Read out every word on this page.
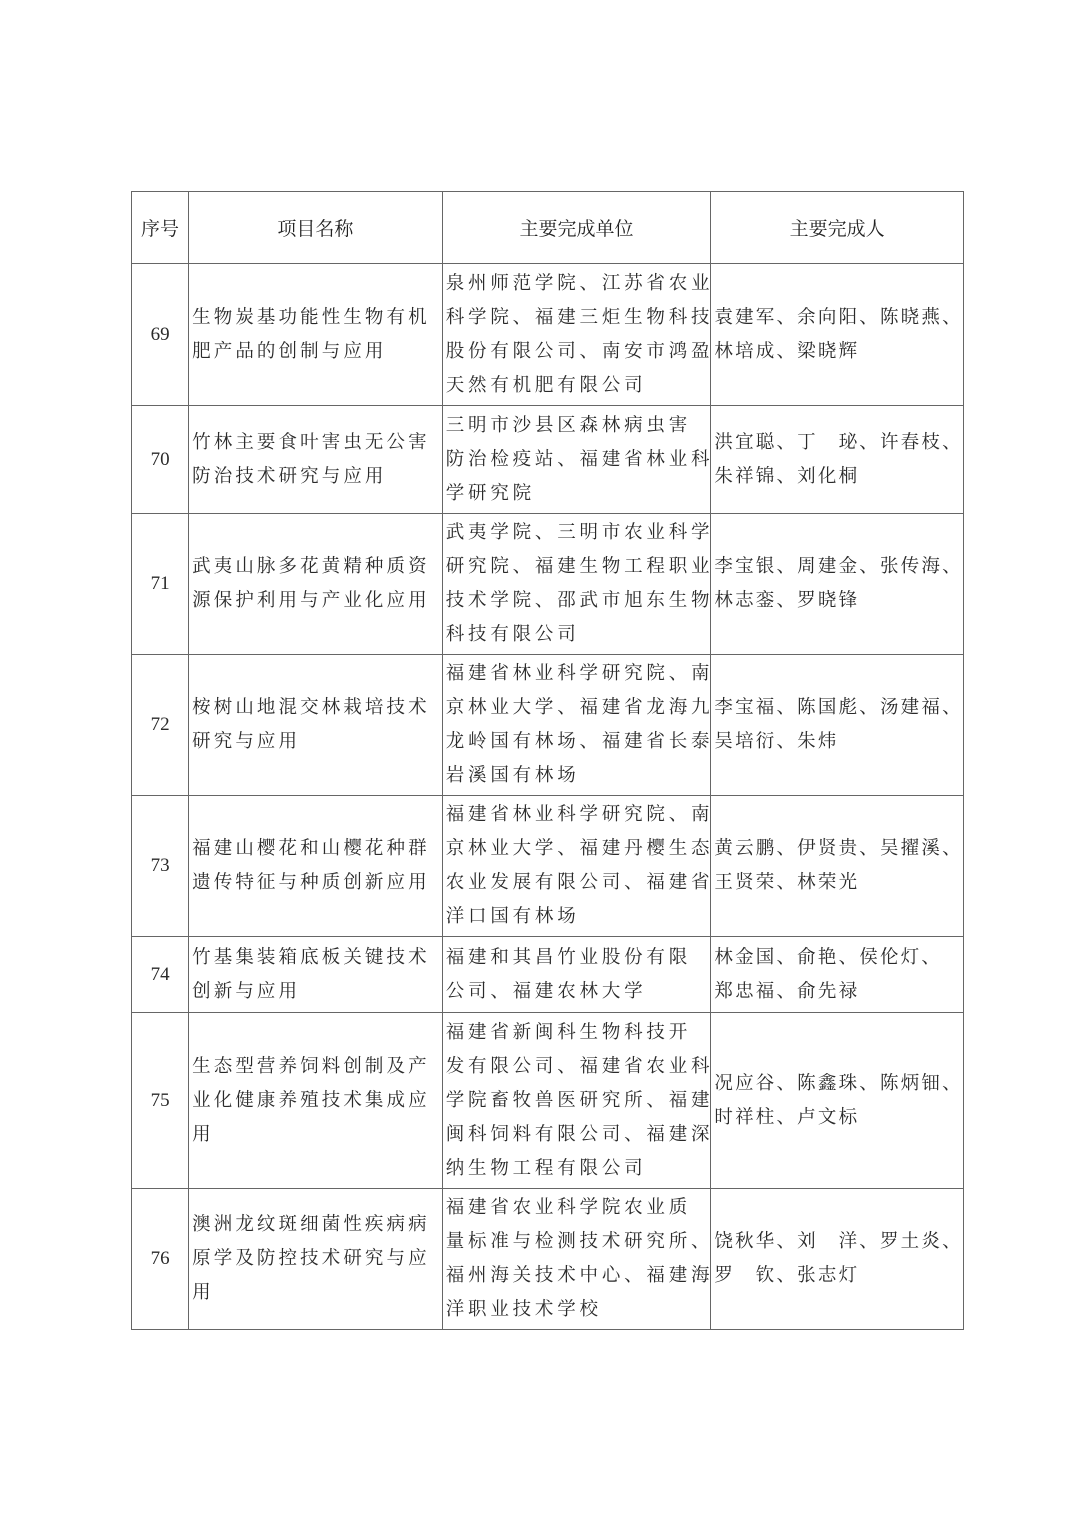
序号	项目名称	主要完成单位	主要完成人
69	生物炭基功能性生物有机
肥产品的创制与应用	泉州师范学院、江苏省农业
科学院、福建三炬生物科技
股份有限公司、南安市鸿盈
天然有机肥有限公司	袁建军、余向阳、陈晓燕、
林培成、梁晓辉

70	竹林主要食叶害虫无公害
防治技术研究与应用	三明市沙县区森林病虫害
防治检疫站、福建省林业科
学研究院	洪宜聪、丁　珌、许春枝、
朱祥锦、刘化桐

71	武夷山脉多花黄精种质资
源保护利用与产业化应用	武夷学院、三明市农业科学
研究院、福建生物工程职业
技术学院、邵武市旭东生物
科技有限公司	李宝银、周建金、张传海、
林志銮、罗晓锋

72	桉树山地混交林栽培技术
研究与应用	福建省林业科学研究院、南
京林业大学、福建省龙海九
龙岭国有林场、福建省长泰
岩溪国有林场	李宝福、陈国彪、汤建福、
吴培衍、朱炜

73	福建山樱花和山樱花种群
遗传特征与种质创新应用	福建省林业科学研究院、南
京林业大学、福建丹樱生态
农业发展有限公司、福建省
洋口国有林场	黄云鹏、伊贤贵、吴擢溪、
王贤荣、林荣光

74	竹基集装箱底板关键技术
创新与应用	福建和其昌竹业股份有限
公司、福建农林大学	林金国、俞艳、侯伦灯、
郑忠福、俞先禄

75	生态型营养饲料创制及产
业化健康养殖技术集成应
用	福建省新闽科生物科技开
发有限公司、福建省农业科
学院畜牧兽医研究所、福建
闽科饲料有限公司、福建深
纳生物工程有限公司	况应谷、陈鑫珠、陈炳钿、
时祥柱、卢文标

76	澳洲龙纹斑细菌性疾病病
原学及防控技术研究与应
用	福建省农业科学院农业质
量标准与检测技术研究所、
福州海关技术中心、福建海
洋职业技术学校	饶秋华、刘　洋、罗土炎、
罗　钦、张志灯
